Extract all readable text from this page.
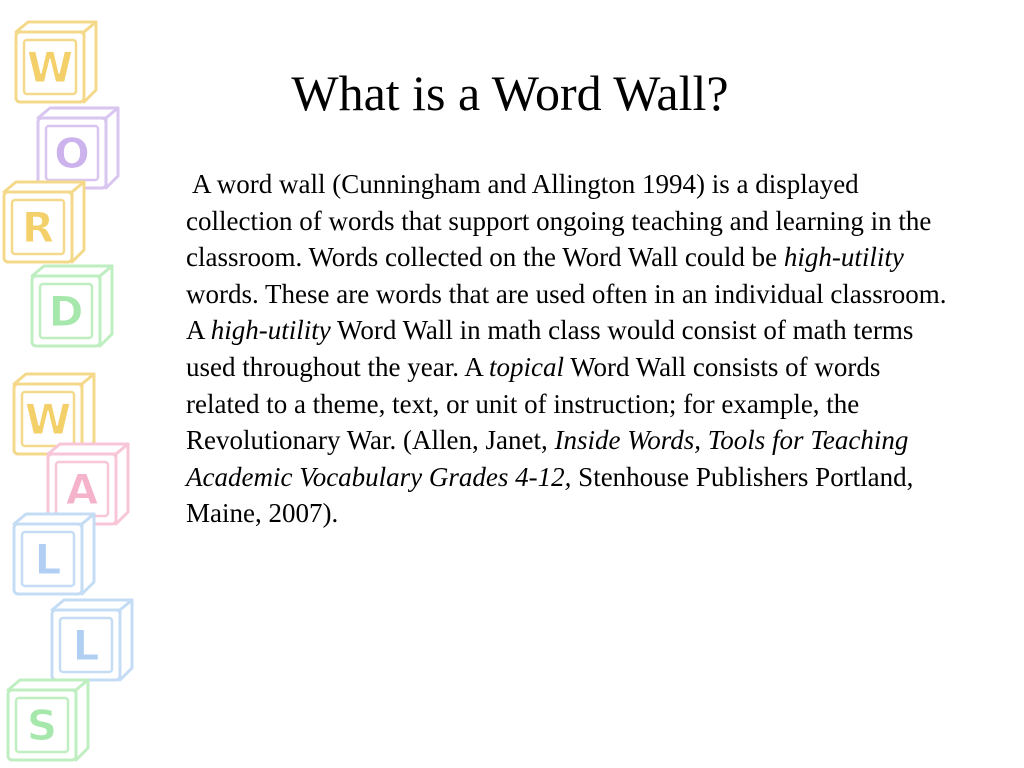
W
O
R
D
W
A
L
L
S
What is a Word Wall?
A word wall (Cunningham and Allington 1994) is a displayed collection of words that support ongoing teaching and learning in the classroom. Words collected on the Word Wall could be high-utility words. These are words that are used often in an individual classroom. A high-utility Word Wall in math class would consist of math terms used throughout the year. A topical Word Wall consists of words related to a theme, text, or unit of instruction; for example, the Revolutionary War. (Allen, Janet, Inside Words, Tools for Teaching Academic Vocabulary Grades 4-12, Stenhouse Publishers Portland, Maine, 2007).
